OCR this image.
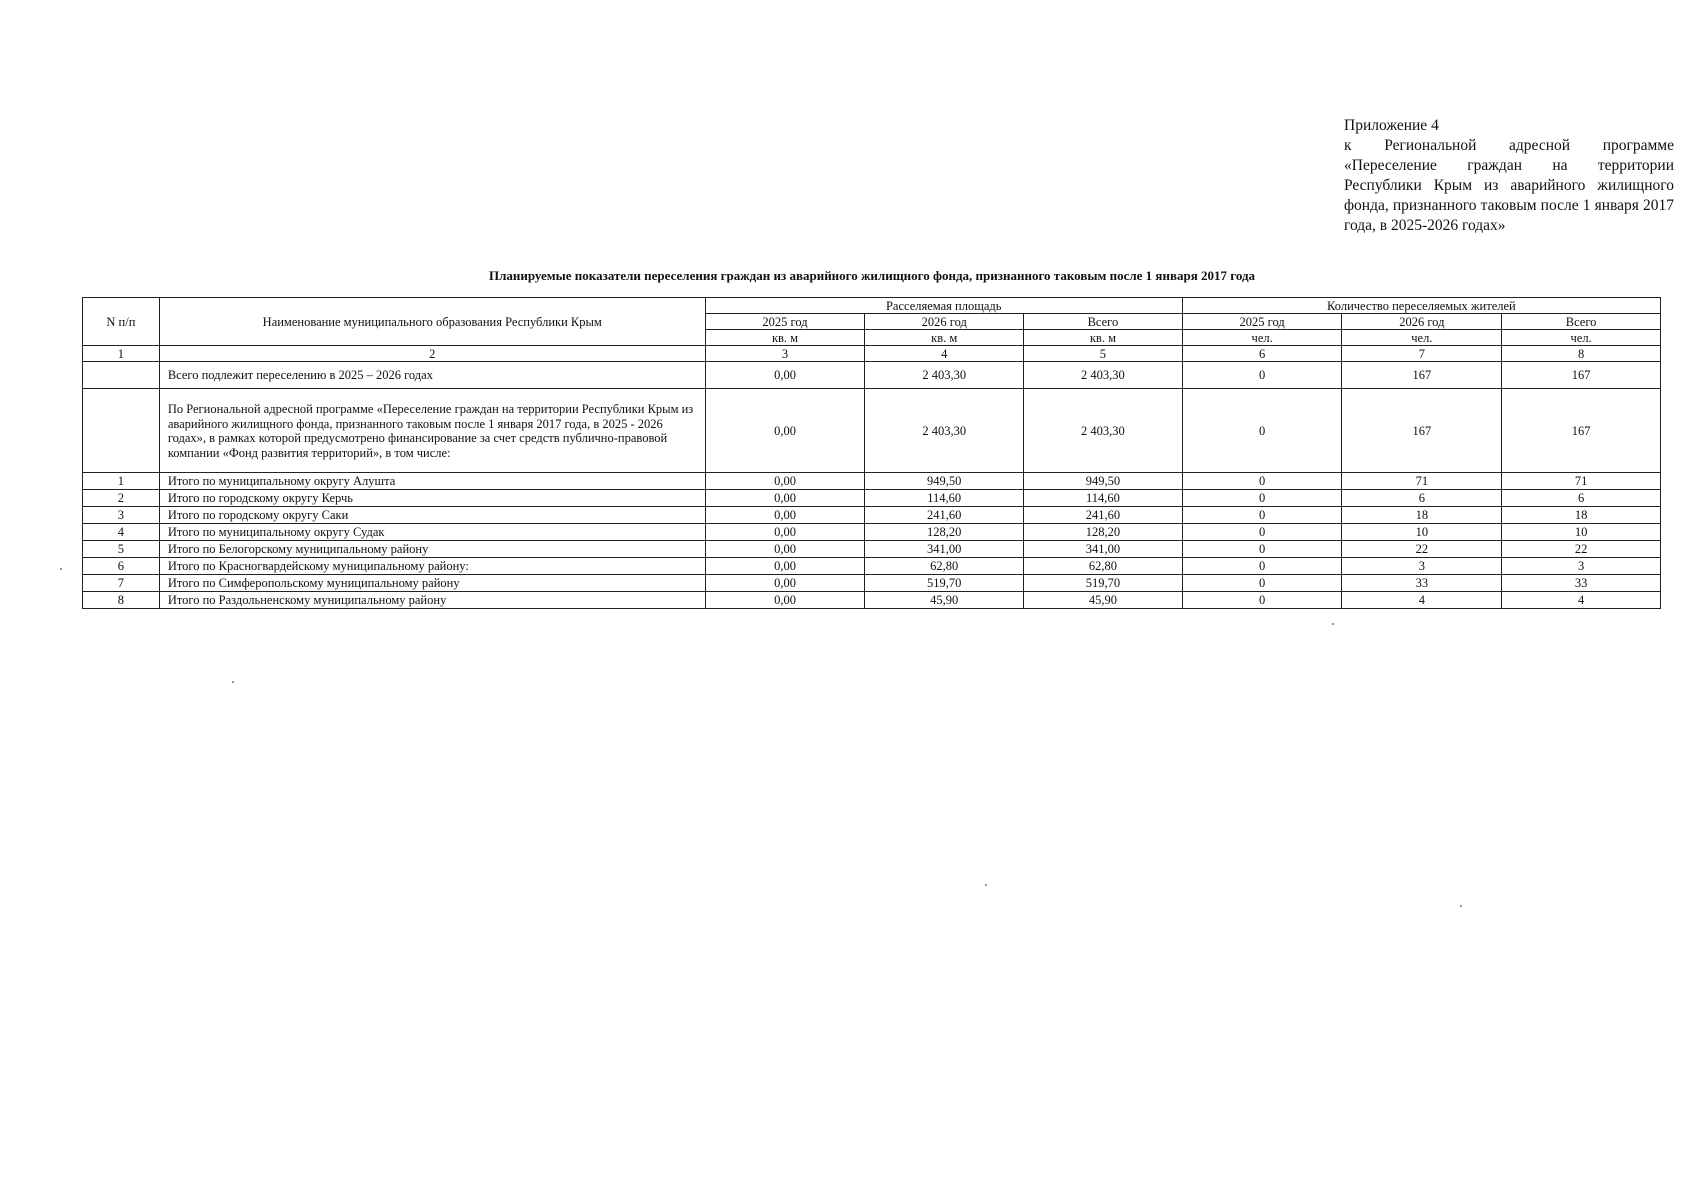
Приложение 4
к Региональной адресной программе «Переселение граждан на территории Республики Крым из аварийного жилищного фонда, признанного таковым после 1 января 2017 года, в 2025-2026 годах»
Планируемые показатели переселения граждан из аварийного жилищного фонда, признанного таковым после 1 января 2017 года
N п/п	Наименование муниципального образования Республики Крым	Расселяемая площадь			Количество переселяемых жителей		
		2025 год	2026 год	Всего	2025 год	2026 год	Всего
		кв. м	кв. м	кв. м	чел.	чел.	чел.
1	2	3	4	5	6	7	8
	Всего подлежит переселению в 2025 – 2026 годах	0,00	2 403,30	2 403,30	0	167	167
	По Региональной адресной программе «Переселение граждан на территории Республики Крым из аварийного жилищного фонда, признанного таковым после 1 января 2017 года, в 2025 - 2026 годах», в рамках которой предусмотрено финансирование за счет средств публично-правовой компании «Фонд развития территорий», в том числе:	0,00	2 403,30	2 403,30	0	167	167
1	Итого по муниципальному округу Алушта	0,00	949,50	949,50	0	71	71
2	Итого по городскому округу Керчь	0,00	114,60	114,60	0	6	6
3	Итого по городскому округу Саки	0,00	241,60	241,60	0	18	18
4	Итого по муниципальному округу Судак	0,00	128,20	128,20	0	10	10
5	Итого по Белогорскому муниципальному району	0,00	341,00	341,00	0	22	22
6	Итого по Красногвардейскому муниципальному району:	0,00	62,80	62,80	0	3	3
7	Итого по Симферопольскому муниципальному району	0,00	519,70	519,70	0	33	33
8	Итого по Раздольненскому муниципальному району	0,00	45,90	45,90	0	4	4
